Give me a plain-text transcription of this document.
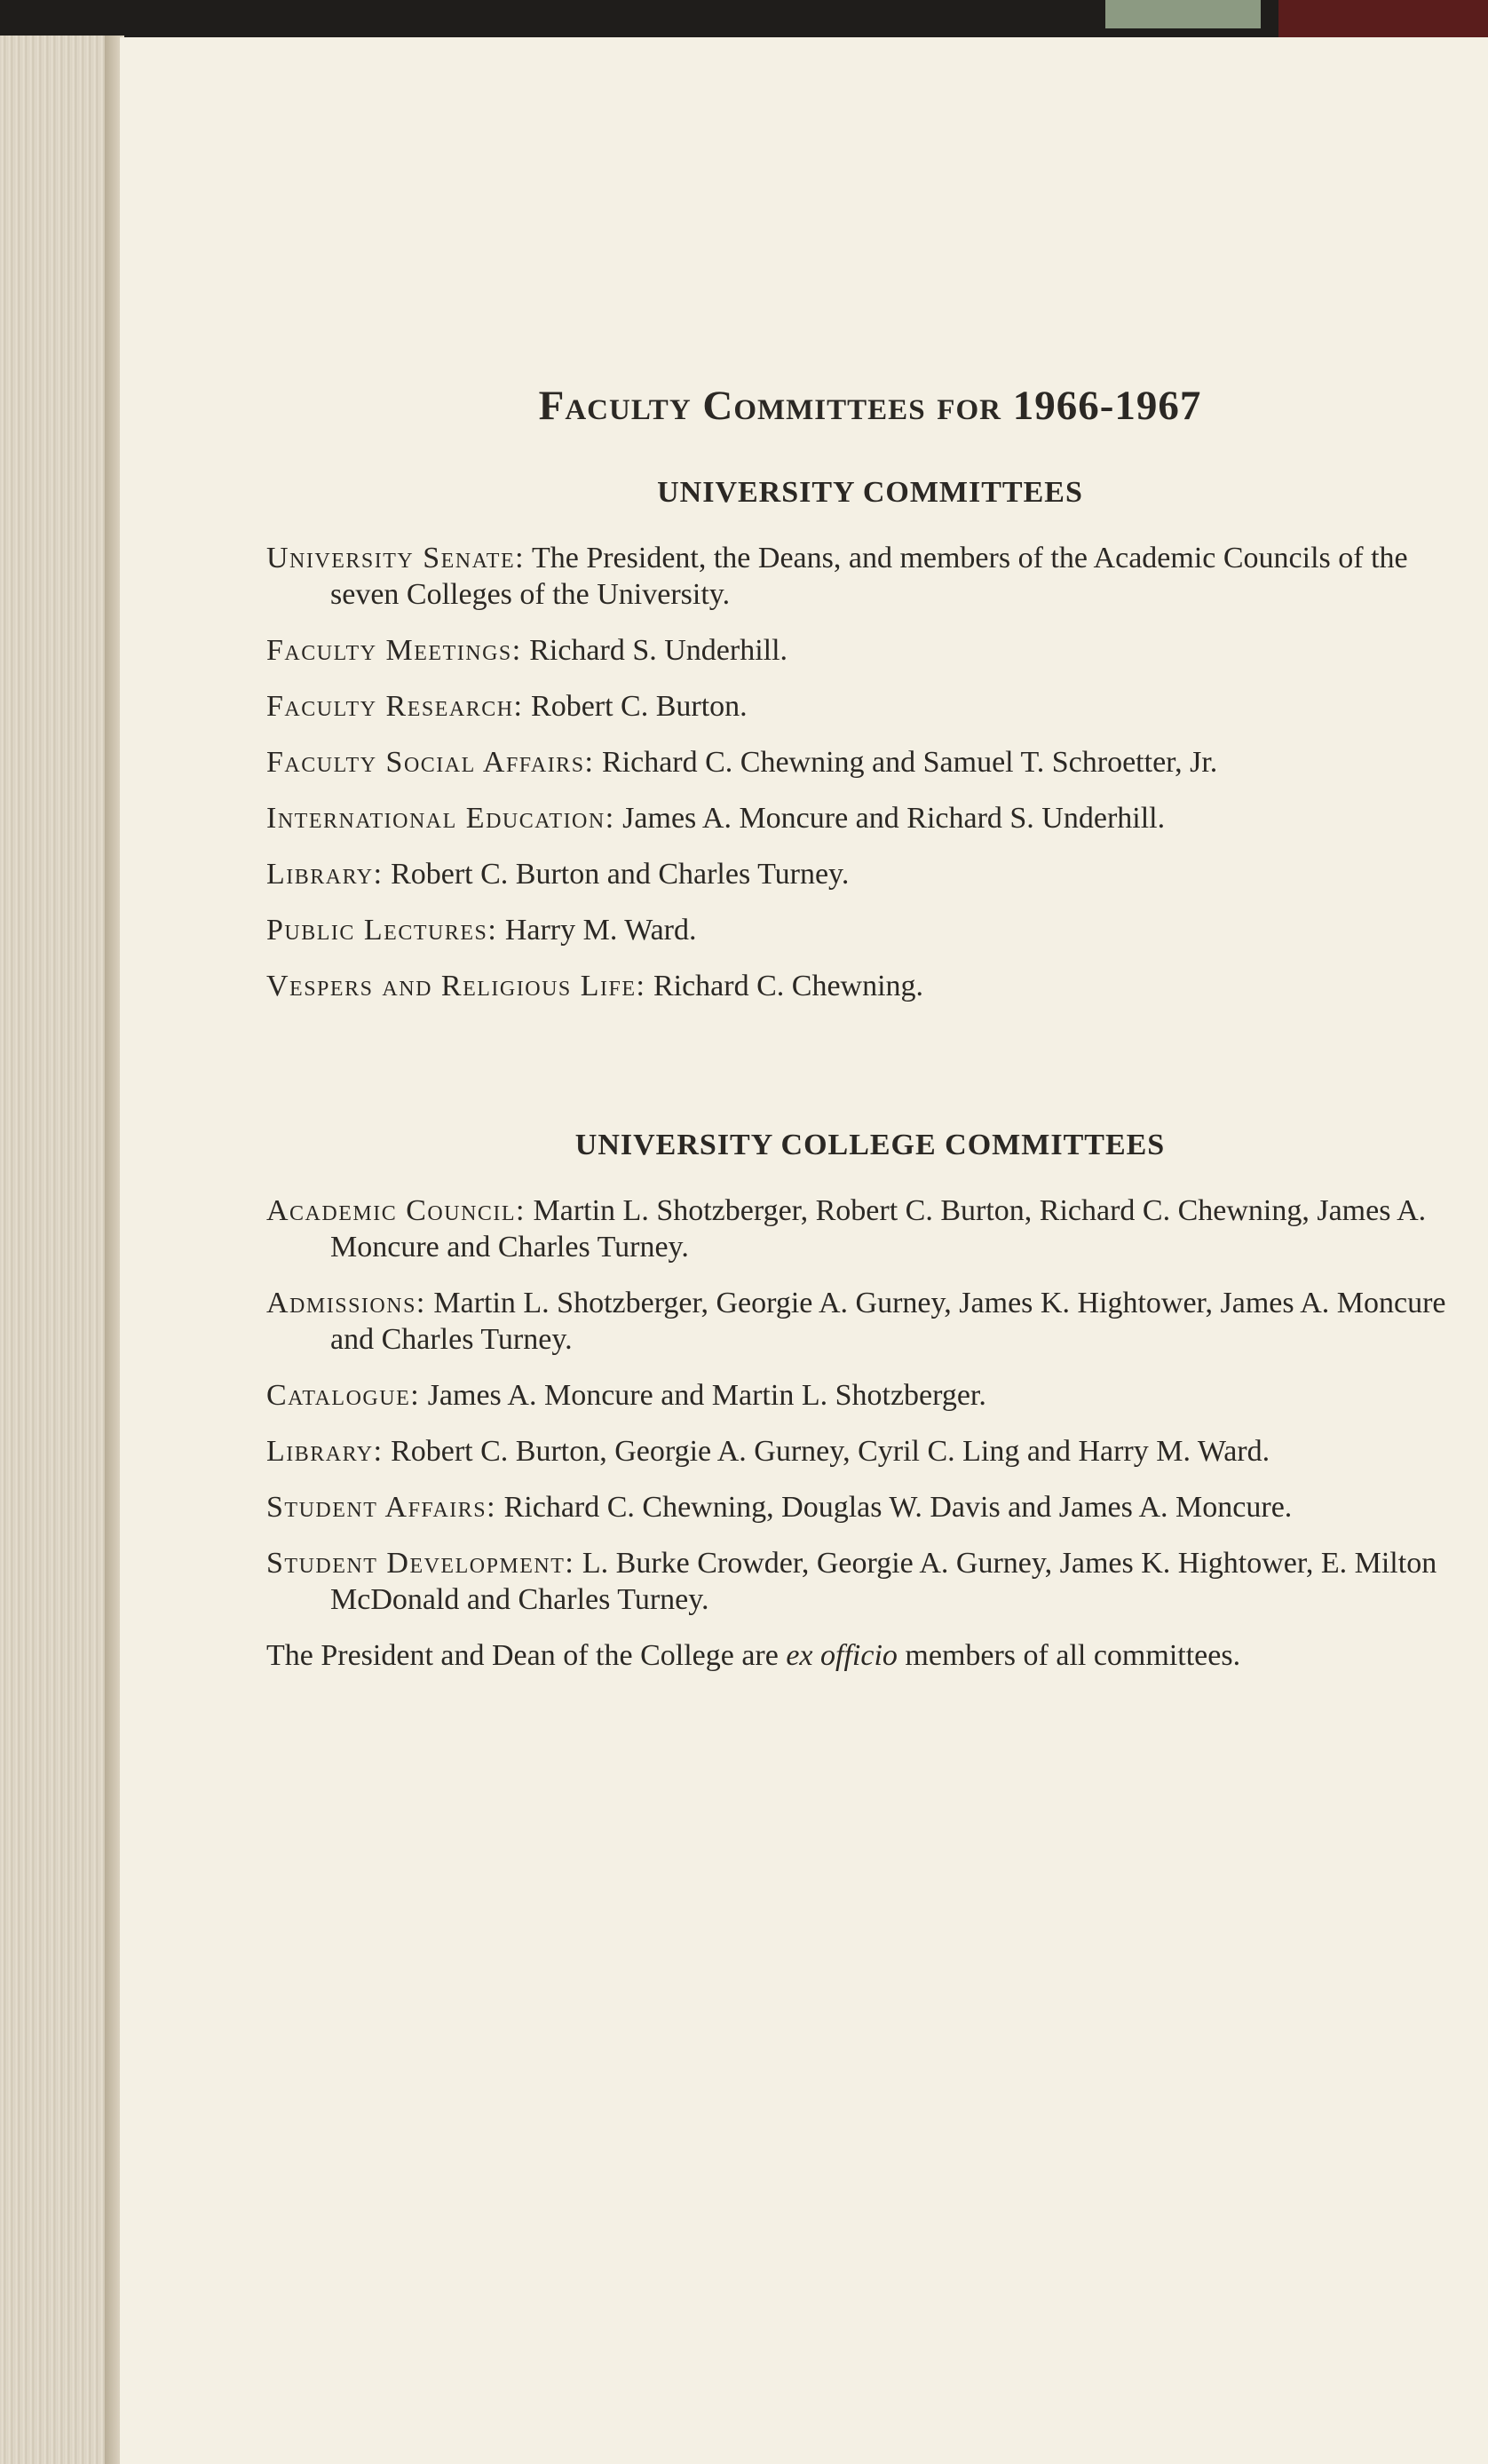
Faculty Committees for 1966-1967
UNIVERSITY COMMITTEES

University Senate: The President, the Deans, and members of the Academic Councils of the seven Colleges of the University.

Faculty Meetings: Richard S. Underhill.

Faculty Research: Robert C. Burton.

Faculty Social Affairs: Richard C. Chewning and Samuel T. Schroetter, Jr.

International Education: James A. Moncure and Richard S. Underhill.

Library: Robert C. Burton and Charles Turney.

Public Lectures: Harry M. Ward.

Vespers and Religious Life: Richard C. Chewning.

UNIVERSITY COLLEGE COMMITTEES

Academic Council: Martin L. Shotzberger, Robert C. Burton, Richard C. Chewning, James A. Moncure and Charles Turney.

Admissions: Martin L. Shotzberger, Georgie A. Gurney, James K. Hightower, James A. Moncure and Charles Turney.

Catalogue: James A. Moncure and Martin L. Shotzberger.

Library: Robert C. Burton, Georgie A. Gurney, Cyril C. Ling and Harry M. Ward.

Student Affairs: Richard C. Chewning, Douglas W. Davis and James A. Moncure.

Student Development: L. Burke Crowder, Georgie A. Gurney, James K. Hightower, E. Milton McDonald and Charles Turney.

The President and Dean of the College are ex officio members of all committees.
